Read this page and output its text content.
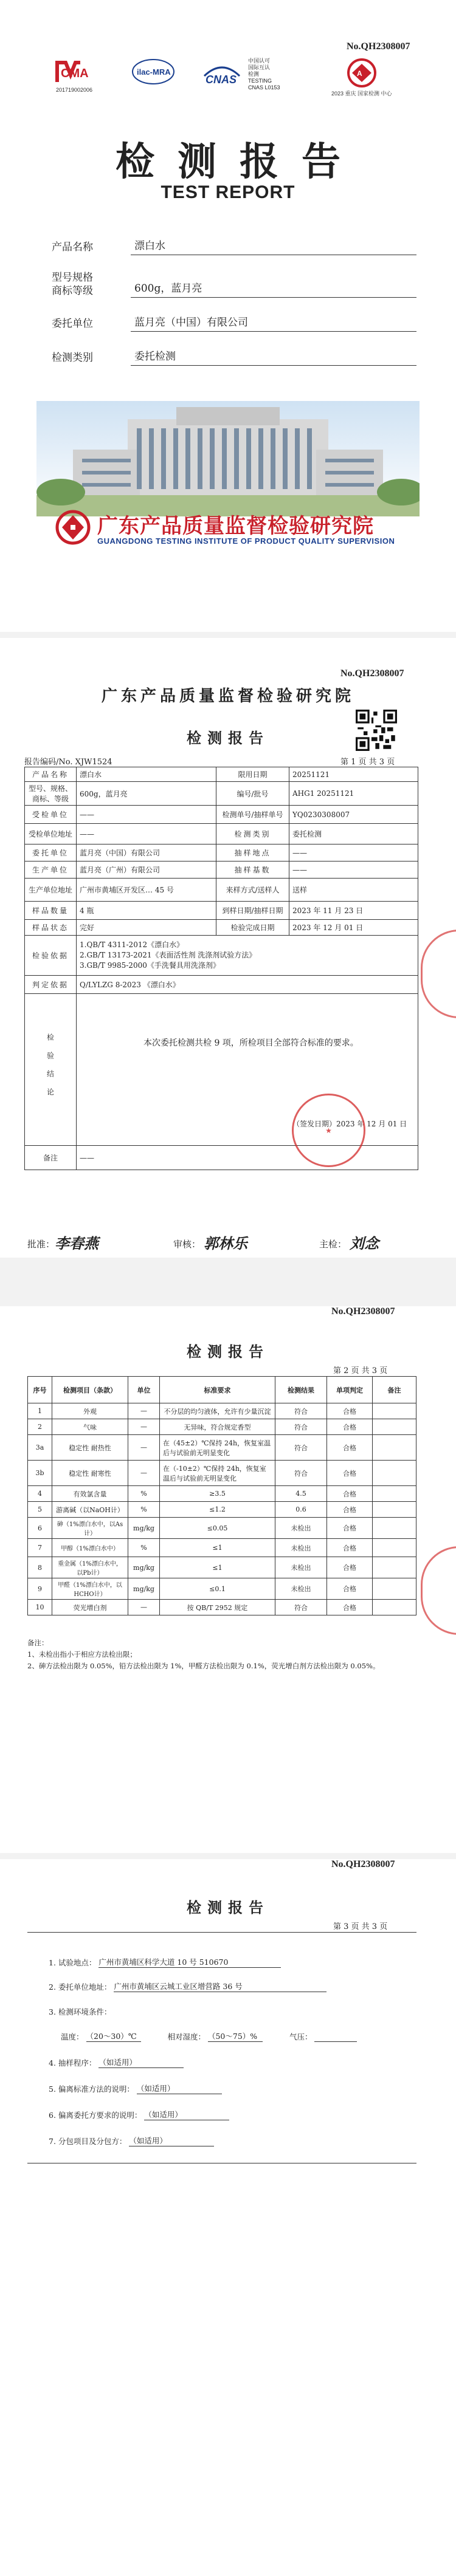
No.QH2308007
CMA
201719002006
ilac-MRA
CNAS
中国认可
国际互认
检测
TESTING
CNAS L0153
A
2023 重庆 国家检测 中心
检测报告
TEST REPORT
产品名称	漂白水
型号规格
商标等级	600g，蓝月亮
委托单位	蓝月亮（中国）有限公司
检测类别	委托检测
广东产品质量监督检验研究院
GUANGDONG TESTING INSTITUTE OF PRODUCT QUALITY SUPERVISION
No.QH2308007
广东产品质量监督检验研究院
检测报告
报告编码/No. XJW1524	第 1 页 共 3 页
产品名称	漂白水	限用日期	20251121
型号、规格、商标、等级	600g，蓝月亮	编号/批号	AHG1 20251121
受检单位	——	检测单号/抽样单号	YQ0230308007
受检单位地址	——	检测类别	委托检测
委托单位	蓝月亮（中国）有限公司	抽样地点	——
生产单位	蓝月亮（广州）有限公司	抽样基数	——
生产单位地址	广州市黄埔区开发区… 45 号	来样方式/送样人	送样
样品数量	4 瓶	到样日期/抽样日期	2023 年 11 月 23 日
样品状态	完好	检验完成日期	2023 年 12 月 01 日
检验依据	1.QB/T 4311-2012《漂白水》
2.GB/T 13173-2021《表面活性剂 洗涤剂试验方法》
3.GB/T 9985-2000《手洗餐具用洗涤剂》		

判定依据	Q/LYLZG 8-2023 《漂白水》		
检验结论	本次委托检测共检 9 项，所检项目全部符合标准的要求。
（签发日期）2023 年 12 月 01 日		

备注	——		
★
批准： 李春燕	审核： 郭林乐	主检： 刘念
No.QH2308007
检测报告
第 2 页 共 3 页
序号	检测项目（条款）	单位	标准要求	检测结果	单项判定	备注
1	外观	—	不分层的均匀液体，允许有少量沉淀	符合	合格	
2	气味	—	无异味，符合规定香型	符合	合格	
3a	稳定性 耐热性	—	在（45±2）℃保持 24h，恢复室温后与试验前无明显变化	符合	合格	
3b	稳定性 耐寒性	—	在（-10±2）℃保持 24h，恢复室温后与试验前无明显变化	符合	合格	
4	有效氯含量	%	≥3.5	4.5	合格	
5	游离碱（以NaOH计）	%	≤1.2	0.6	合格	
6	砷（1%漂白水中，以As计）	mg/kg	≤0.05	未检出	合格	
7	甲醇（1%漂白水中）	%	≤1	未检出	合格	
8	重金属（1%漂白水中，以Pb计）	mg/kg	≤1	未检出	合格	
9	甲醛（1%漂白水中，以HCHO计）	mg/kg	≤0.1	未检出	合格	
10	荧光增白剂	—	按 QB/T 2952 规定	符合	合格	
备注：
1、未检出指小于相应方法检出限；
2、砷方法检出限为 0.05%，铅方法检出限为 1%，甲醛方法检出限为 0.1%，荧光增白剂方法检出限为 0.05%。
No.QH2308007
检测报告
第 3 页 共 3 页
1. 试验地点： 广州市黄埔区科学大道 10 号 510670
2. 委托单位地址： 广州市黄埔区云城工业区增营路 36 号
3. 检测环境条件：
温度： （20～30）℃	相对湿度： （50～75）%	气压：
4. 抽样程序： （如适用）
5. 偏离标准方法的说明： （如适用）
6. 偏离委托方要求的说明： （如适用）
7. 分包项目及分包方： （如适用）
